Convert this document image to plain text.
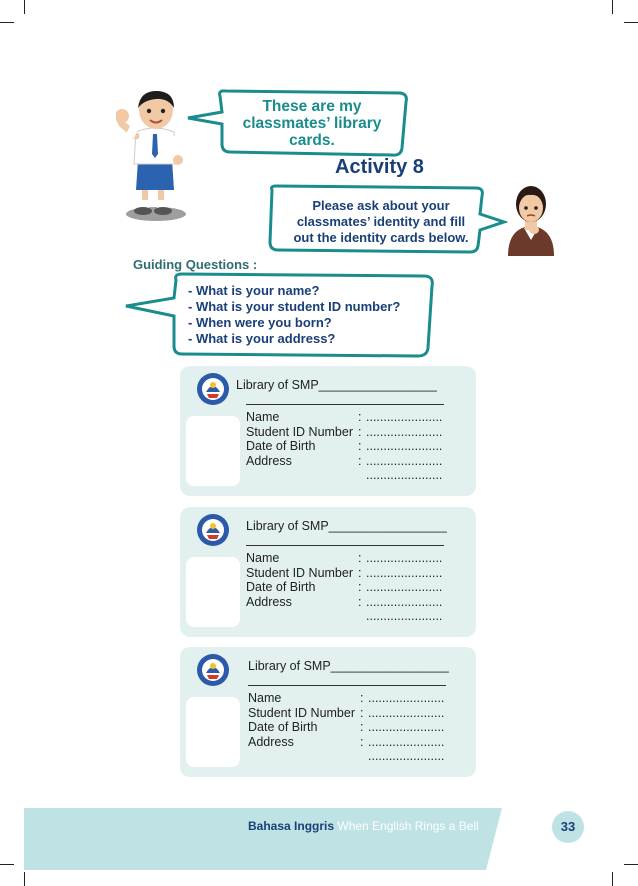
These are my
classmates’ library
cards.
Activity 8
Please ask about your
classmates’ identity and fill
out the identity cards below.
Guiding Questions :
- What is your name?
- What is your student ID number?
- When were you born?
- What is your address?
Library of SMP_________________
Name	: ......................
Student ID Number : ......................
Date of Birth	: ......................
Address	: ......................
......................
Library of SMP_________________
Name	: ......................
Student ID Number : ......................
Date of Birth	: ......................
Address	: ......................
......................
Library of SMP_________________
Name	: ......................
Student ID Number : ......................
Date of Birth	: ......................
Address	: ......................
......................
Bahasa Inggris When English Rings a Bell	33
